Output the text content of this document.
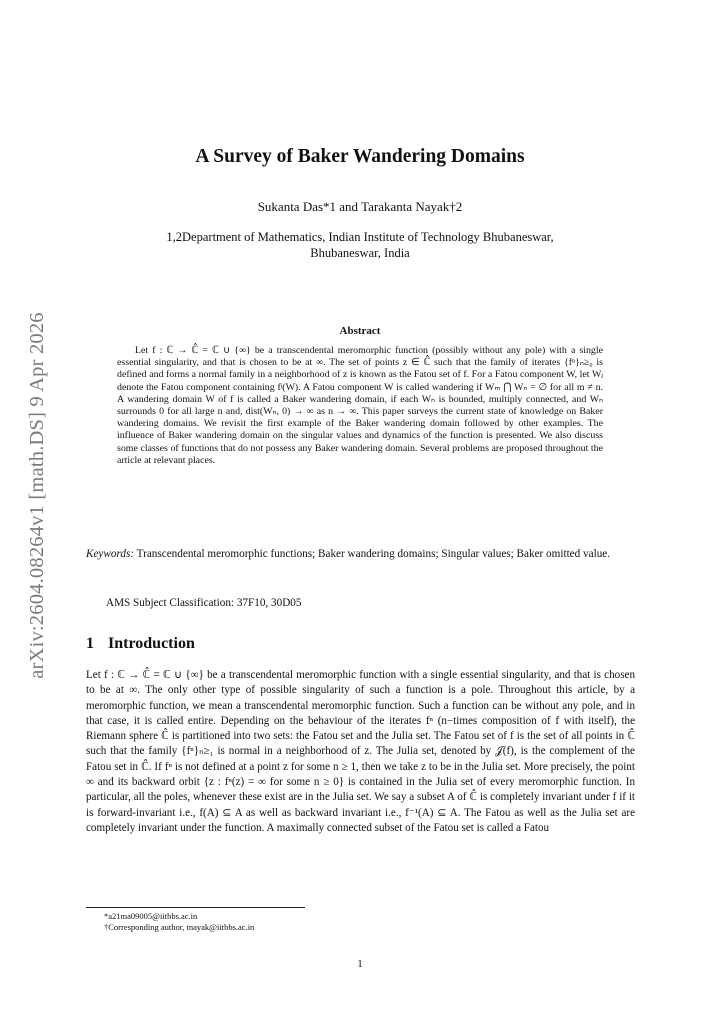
arXiv:2604.08264v1 [math.DS] 9 Apr 2026
A Survey of Baker Wandering Domains
Sukanta Das*1 and Tarakanta Nayak†2
1,2Department of Mathematics, Indian Institute of Technology Bhubaneswar,
Bhubaneswar, India
Abstract

Let f : ℂ → ℂ̂ = ℂ ∪ {∞} be a transcendental meromorphic function (possibly without any pole) with a single essential singularity, and that is chosen to be at ∞. The set of points z ∈ ℂ̂ such that the family of iterates {fⁿ}ₙ≥₀ is defined and forms a normal family in a neighborhood of z is known as the Fatou set of f. For a Fatou component W, let Wⱼ denote the Fatou component containing fʲ(W). A Fatou component W is called wandering if Wₘ ⋂ Wₙ = ∅ for all m ≠ n. A wandering domain W of f is called a Baker wandering domain, if each Wₙ is bounded, multiply connected, and Wₙ surrounds 0 for all large n and, dist(Wₙ, 0) → ∞ as n → ∞. This paper surveys the current state of knowledge on Baker wandering domains. We revisit the first example of the Baker wandering domain followed by other examples. The influence of Baker wandering domain on the singular values and dynamics of the function is presented. We also discuss some classes of functions that do not possess any Baker wandering domain. Several problems are proposed throughout the article at relevant places.

Keywords: Transcendental meromorphic functions; Baker wandering domains; Singular values; Baker omitted value.
AMS Subject Classification: 37F10, 30D05
1 Introduction

Let f : ℂ → ℂ̂ = ℂ ∪ {∞} be a transcendental meromorphic function with a single essential singularity, and that is chosen to be at ∞. The only other type of possible singularity of such a function is a pole. Throughout this article, by a meromorphic function, we mean a transcendental meromorphic function. Such a function can be without any pole, and in that case, it is called entire. Depending on the behaviour of the iterates fⁿ (n−times composition of f with itself), the Riemann sphere ℂ̂ is partitioned into two sets: the Fatou set and the Julia set. The Fatou set of f is the set of all points in ℂ̂ such that the family {fⁿ}ₙ≥₁ is normal in a neighborhood of z. The Julia set, denoted by 𝒥(f), is the complement of the Fatou set in ℂ̂. If fⁿ is not defined at a point z for some n ≥ 1, then we take z to be in the Julia set. More precisely, the point ∞ and its backward orbit {z : fⁿ(z) = ∞ for some n ≥ 0} is contained in the Julia set of every meromorphic function. In particular, all the poles, whenever these exist are in the Julia set. We say a subset A of ℂ̂ is completely invariant under f if it is forward-invariant i.e., f(A) ⊆ A as well as backward invariant i.e., f⁻¹(A) ⊆ A. The Fatou as well as the Julia set are completely invariant under the function. A maximally connected subset of the Fatou set is called a Fatou

*a21ma09005@iitbbs.ac.in
†Corresponding author, tnayak@iitbbs.ac.in
1
